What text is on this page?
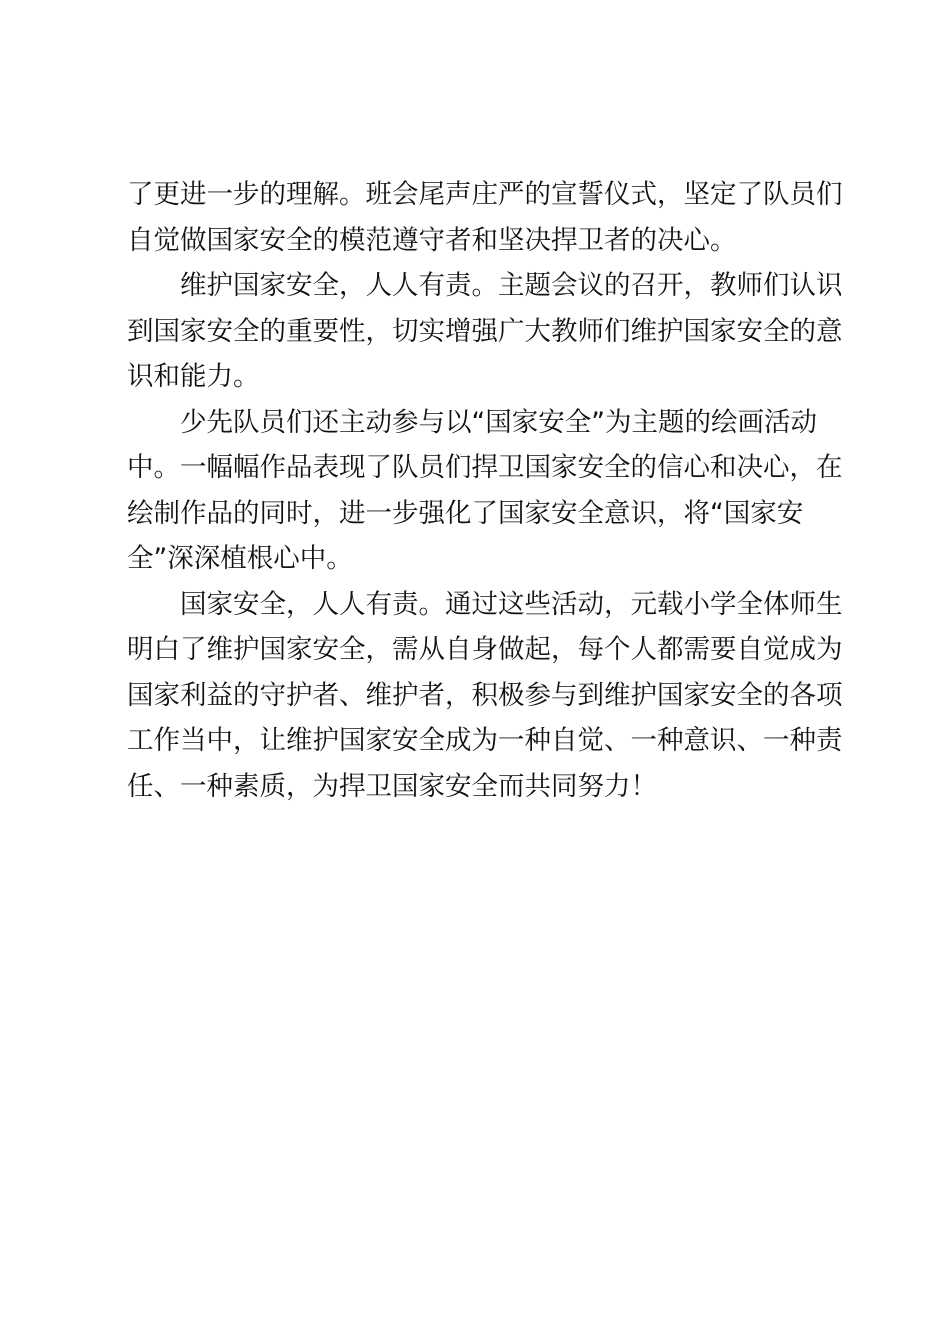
了更进一步的理解。班会尾声庄严的宣誓仪式，坚定了队员们
自觉做国家安全的模范遵守者和坚决捍卫者的决心。
维护国家安全，人人有责。主题会议的召开，教师们认识
到国家安全的重要性，切实增强广大教师们维护国家安全的意
识和能力。
少先队员们还主动参与以“国家安全”为主题的绘画活动
中。一幅幅作品表现了队员们捍卫国家安全的信心和决心，在
绘制作品的同时，进一步强化了国家安全意识，将“国家安
全”深深植根心中。
国家安全，人人有责。通过这些活动，元载小学全体师生
明白了维护国家安全，需从自身做起，每个人都需要自觉成为
国家利益的守护者、维护者，积极参与到维护国家安全的各项
工作当中，让维护国家安全成为一种自觉、一种意识、一种责
任、一种素质，为捍卫国家安全而共同努力！
